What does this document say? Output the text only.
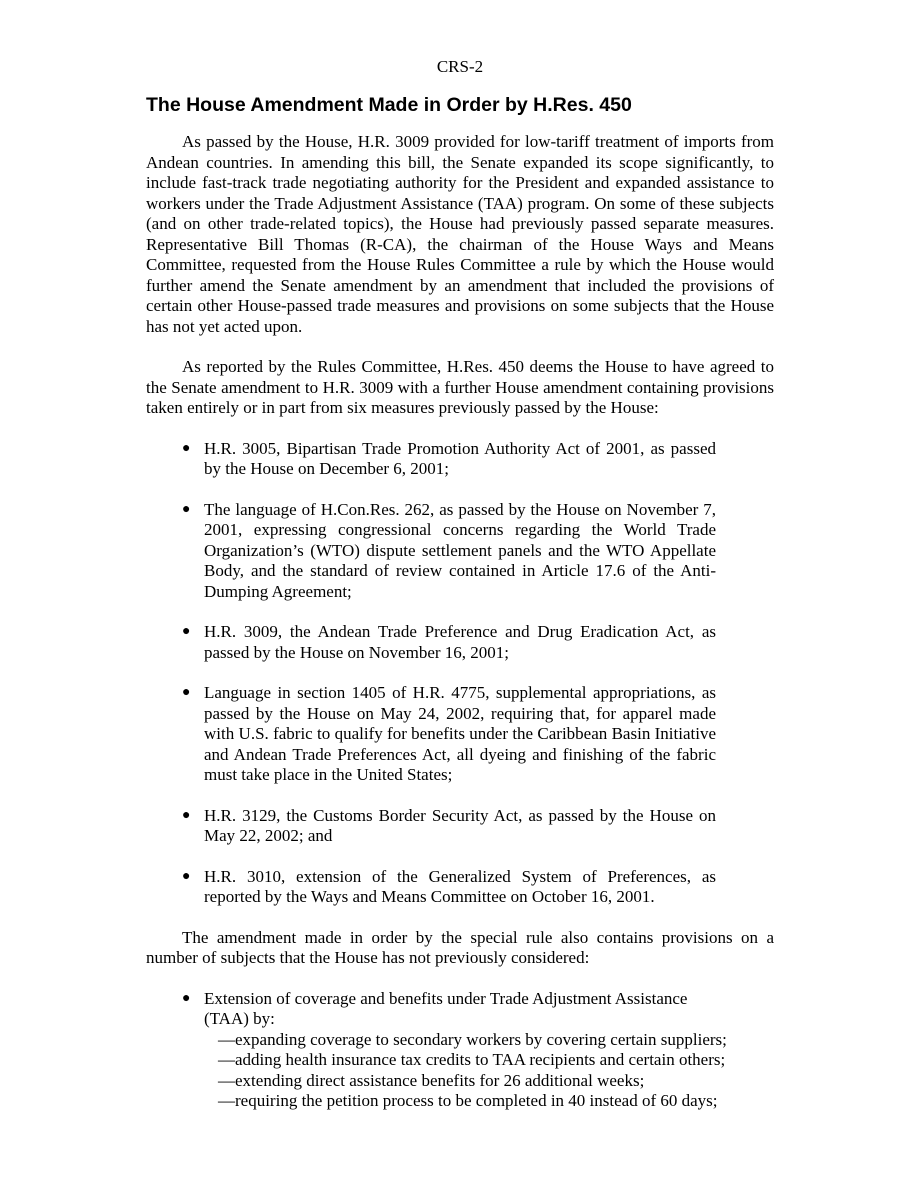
CRS-2
The House Amendment Made in Order by H.Res. 450

As passed by the House, H.R. 3009 provided for low-tariff treatment of imports from Andean countries. In amending this bill, the Senate expanded its scope significantly, to include fast-track trade negotiating authority for the President and expanded assistance to workers under the Trade Adjustment Assistance (TAA) program. On some of these subjects (and on other trade-related topics), the House had previously passed separate measures. Representative Bill Thomas (R-CA), the chairman of the House Ways and Means Committee, requested from the House Rules Committee a rule by which the House would further amend the Senate amendment by an amendment that included the provisions of certain other House-passed trade measures and provisions on some subjects that the House has not yet acted upon.

As reported by the Rules Committee, H.Res. 450 deems the House to have agreed to the Senate amendment to H.R. 3009 with a further House amendment containing provisions taken entirely or in part from six measures previously passed by the House:

● H.R. 3005, Bipartisan Trade Promotion Authority Act of 2001, as passed by the House on December 6, 2001;
● The language of H.Con.Res. 262, as passed by the House on November 7, 2001, expressing congressional concerns regarding the World Trade Organization’s (WTO) dispute settlement panels and the WTO Appellate Body, and the standard of review contained in Article 17.6 of the Anti-Dumping Agreement;
● H.R. 3009, the Andean Trade Preference and Drug Eradication Act, as passed by the House on November 16, 2001;
● Language in section 1405 of H.R. 4775, supplemental appropriations, as passed by the House on May 24, 2002, requiring that, for apparel made with U.S. fabric to qualify for benefits under the Caribbean Basin Initiative and Andean Trade Preferences Act, all dyeing and finishing of the fabric must take place in the United States;
● H.R. 3129, the Customs Border Security Act, as passed by the House on May 22, 2002; and
● H.R. 3010, extension of the Generalized System of Preferences, as reported by the Ways and Means Committee on October 16, 2001.

The amendment made in order by the special rule also contains provisions on a number of subjects that the House has not previously considered:

● Extension of coverage and benefits under Trade Adjustment Assistance (TAA) by:
—expanding coverage to secondary workers by covering certain suppliers;
—adding health insurance tax credits to TAA recipients and certain others;
—extending direct assistance benefits for 26 additional weeks;
—requiring the petition process to be completed in 40 instead of 60 days;
